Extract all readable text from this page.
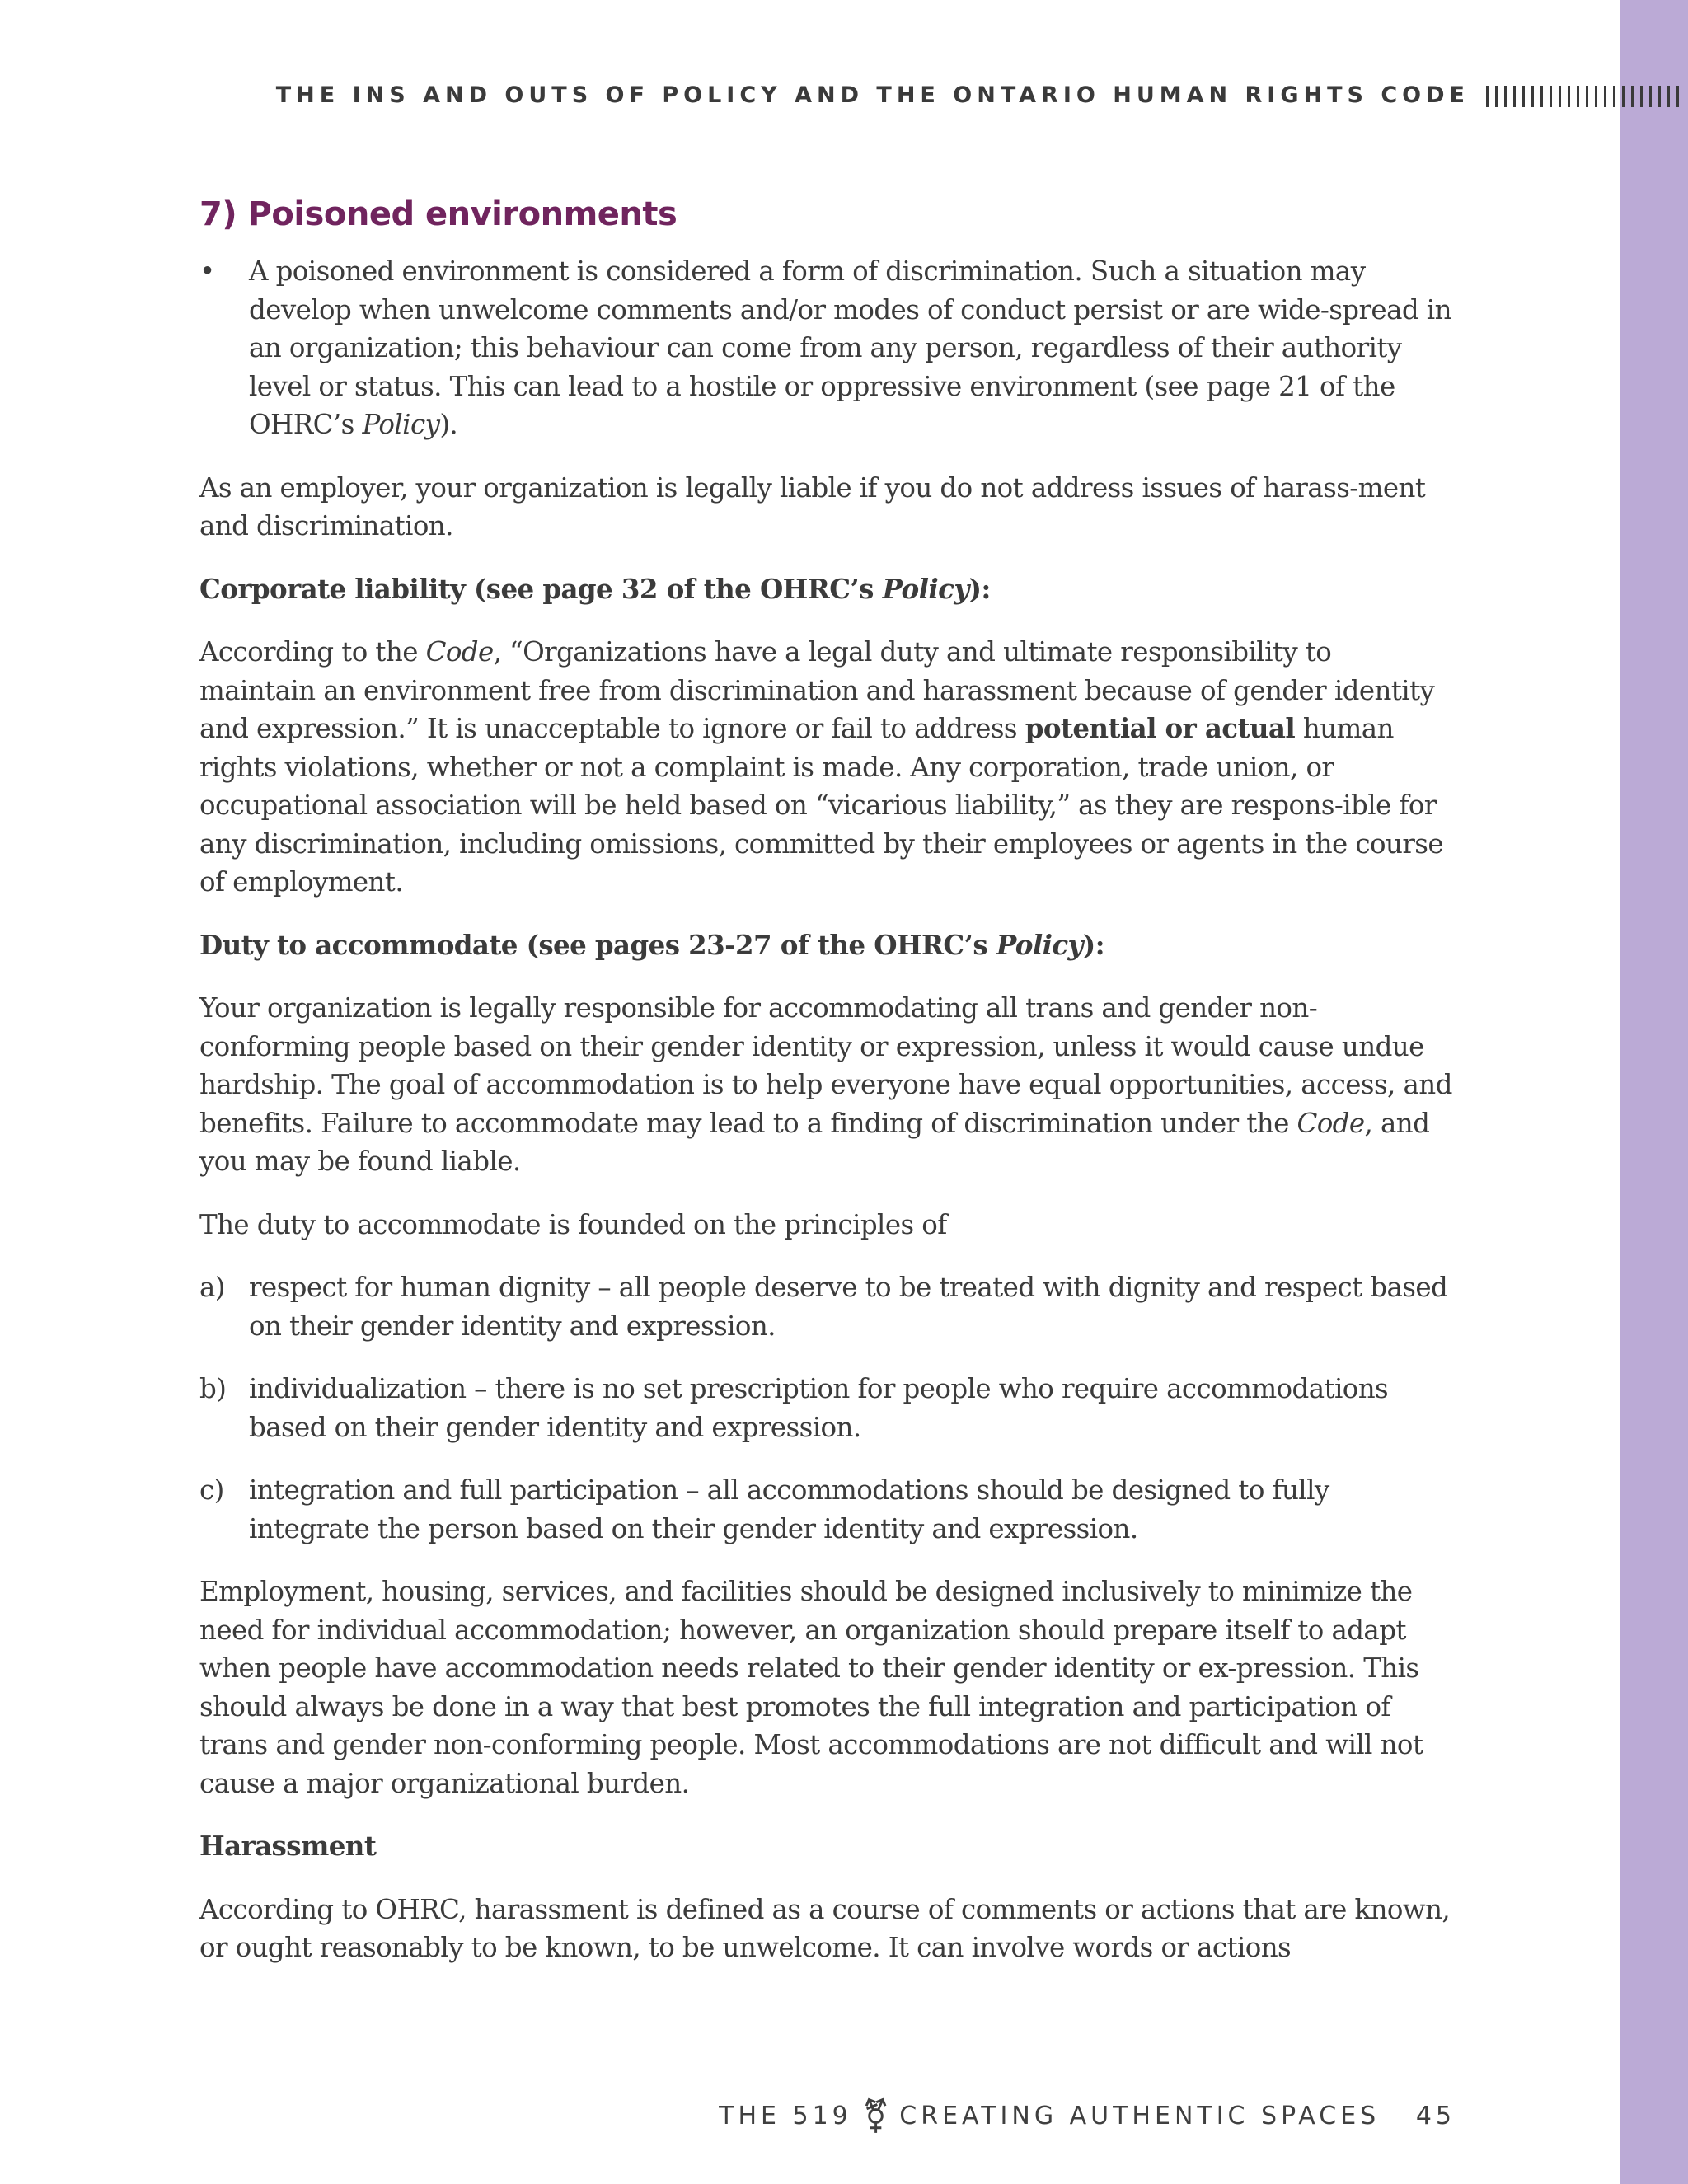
THE INS AND OUTS OF POLICY AND THE ONTARIO HUMAN RIGHTS CODE
7) Poisoned environments

• A poisoned environment is considered a form of discrimination. Such a situation may develop when unwelcome comments and/or modes of conduct persist or are wide-spread in an organization; this behaviour can come from any person, regardless of their authority level or status. This can lead to a hostile or oppressive environment (see page 21 of the OHRC’s Policy).

As an employer, your organization is legally liable if you do not address issues of harass-ment and discrimination.

Corporate liability (see page 32 of the OHRC’s Policy):

According to the Code, “Organizations have a legal duty and ultimate responsibility to maintain an environment free from discrimination and harassment because of gender identity and expression.” It is unacceptable to ignore or fail to address potential or actual human rights violations, whether or not a complaint is made. Any corporation, trade union, or occupational association will be held based on “vicarious liability,” as they are respons-ible for any discrimination, including omissions, committed by their employees or agents in the course of employment.

Duty to accommodate (see pages 23-27 of the OHRC’s Policy):

Your organization is legally responsible for accommodating all trans and gender non-conforming people based on their gender identity or expression, unless it would cause undue hardship. The goal of accommodation is to help everyone have equal opportunities, access, and benefits. Failure to accommodate may lead to a finding of discrimination under the Code, and you may be found liable.

The duty to accommodate is founded on the principles of

a) respect for human dignity – all people deserve to be treated with dignity and respect based on their gender identity and expression.

b) individualization – there is no set prescription for people who require accommodations based on their gender identity and expression.

c) integration and full participation – all accommodations should be designed to fully integrate the person based on their gender identity and expression.

Employment, housing, services, and facilities should be designed inclusively to minimize the need for individual accommodation; however, an organization should prepare itself to adapt when people have accommodation needs related to their gender identity or ex-pression. This should always be done in a way that best promotes the full integration and participation of trans and gender non-conforming people. Most accommodations are not difficult and will not cause a major organizational burden.

Harassment

According to OHRC, harassment is defined as a course of comments or actions that are known, or ought reasonably to be known, to be unwelcome. It can involve words or actions

THE 519 ⚧ CREATING AUTHENTIC SPACES 45
